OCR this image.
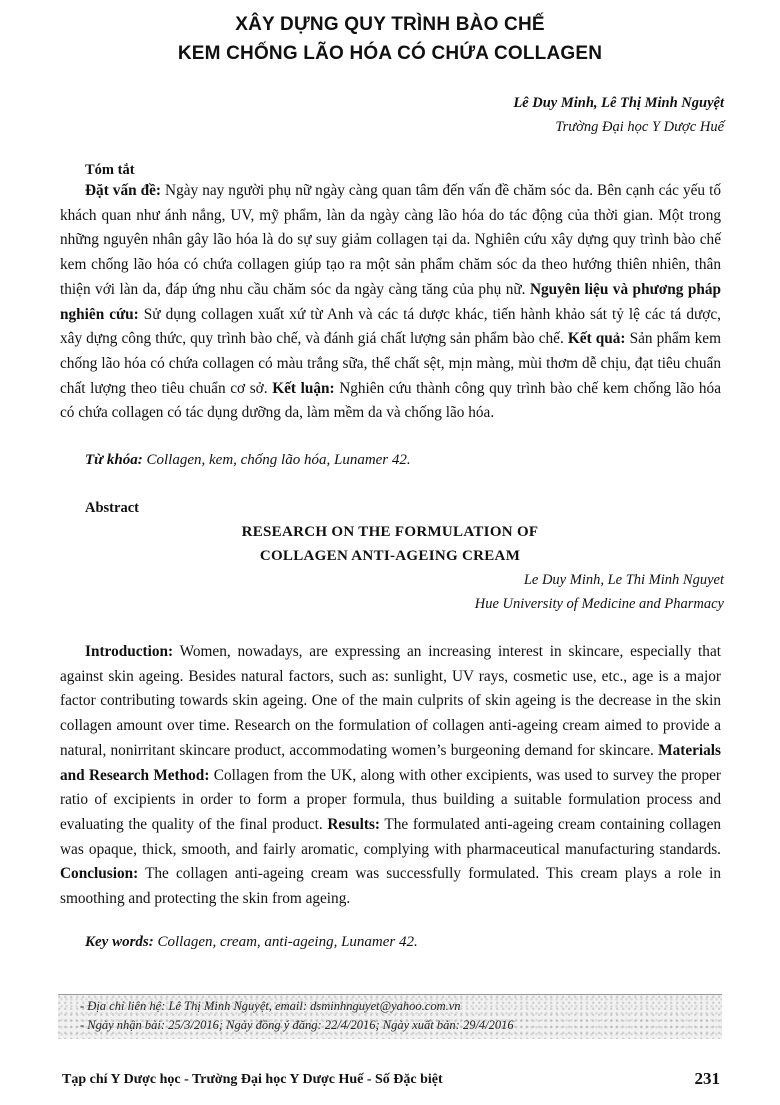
XÂY DỰNG QUY TRÌNH BÀO CHẾ
KEM CHỐNG LÃO HÓA CÓ CHỨA COLLAGEN
Lê Duy Minh, Lê Thị Minh Nguyệt
Trường Đại học Y Dược Huế
Tóm tắt

Đặt vấn đề: Ngày nay người phụ nữ ngày càng quan tâm đến vấn đề chăm sóc da. Bên cạnh các yếu tố khách quan như ánh nắng, UV, mỹ phẩm, làn da ngày càng lão hóa do tác động của thời gian. Một trong những nguyên nhân gây lão hóa là do sự suy giảm collagen tại da. Nghiên cứu xây dựng quy trình bào chế kem chống lão hóa có chứa collagen giúp tạo ra một sản phẩm chăm sóc da theo hướng thiên nhiên, thân thiện với làn da, đáp ứng nhu cầu chăm sóc da ngày càng tăng của phụ nữ. Nguyên liệu và phương pháp nghiên cứu: Sử dụng collagen xuất xứ từ Anh và các tá dược khác, tiến hành khảo sát tỷ lệ các tá dược, xây dựng công thức, quy trình bào chế, và đánh giá chất lượng sản phẩm bào chế. Kết quả: Sản phẩm kem chống lão hóa có chứa collagen có màu trắng sữa, thể chất sệt, mịn màng, mùi thơm dễ chịu, đạt tiêu chuẩn chất lượng theo tiêu chuẩn cơ sở. Kết luận: Nghiên cứu thành công quy trình bào chế kem chống lão hóa có chứa collagen có tác dụng dưỡng da, làm mềm da và chống lão hóa.

Từ khóa: Collagen, kem, chống lão hóa, Lunamer 42.
Abstract
RESEARCH ON THE FORMULATION OF
COLLAGEN ANTI-AGEING CREAM
Le Duy Minh, Le Thi Minh Nguyet
Hue University of Medicine and Pharmacy

Introduction: Women, nowadays, are expressing an increasing interest in skincare, especially that against skin ageing. Besides natural factors, such as: sunlight, UV rays, cosmetic use, etc., age is a major factor contributing towards skin ageing. One of the main culprits of skin ageing is the decrease in the skin collagen amount over time. Research on the formulation of collagen anti-ageing cream aimed to provide a natural, nonirritant skincare product, accommodating women’s burgeoning demand for skincare. Materials and Research Method: Collagen from the UK, along with other excipients, was used to survey the proper ratio of excipients in order to form a proper formula, thus building a suitable formulation process and evaluating the quality of the final product. Results: The formulated anti-ageing cream containing collagen was opaque, thick, smooth, and fairly aromatic, complying with pharmaceutical manufacturing standards. Conclusion: The collagen anti-ageing cream was successfully formulated. This cream plays a role in smoothing and protecting the skin from ageing.

Key words: Collagen, cream, anti-ageing, Lunamer 42.
- Địa chỉ liên hệ: Lê Thị Minh Nguyệt, email: dsminhnguyet@yahoo.com.vn
- Ngày nhận bài: 25/3/2016; Ngày đồng ý đăng: 22/4/2016; Ngày xuất bản: 29/4/2016
Tạp chí Y Dược học - Trường Đại học Y Dược Huế - Số Đặc biệt	231
